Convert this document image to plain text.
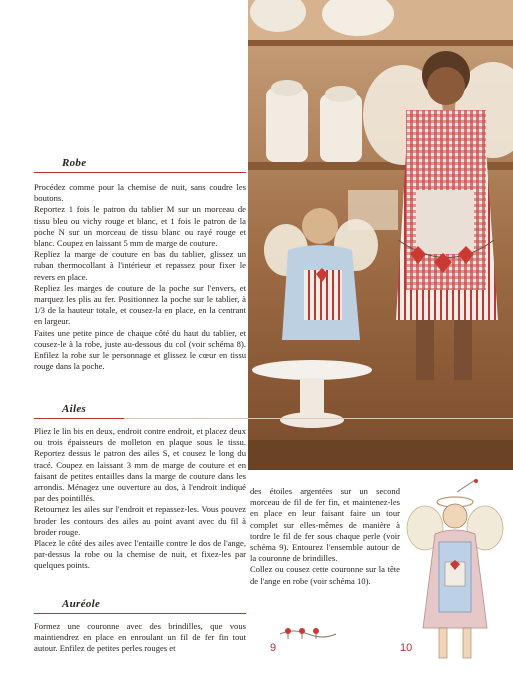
Robe

Procédez comme pour la chemise de nuit, sans coudre les boutons.

Reportez 1 fois le patron du tablier M sur un morceau de tissu bleu ou vichy rouge et blanc, et 1 fois le patron de la poche N sur un morceau de tissu blanc ou rayé rouge et blanc. Coupez en laissant 5 mm de marge de couture.

Repliez la marge de couture en bas du tablier, glissez un ruban thermocollant à l'intérieur et repassez pour fixer le revers en place.

Repliez les marges de couture de la poche sur l'envers, et marquez les plis au fer. Positionnez la poche sur le tablier, à 1/3 de la hauteur totale, et cousez-la en place, en la centrant en largeur.

Faites une petite pince de chaque côté du haut du tablier, et cousez-le à la robe, juste au-dessous du col (voir schéma 8). Enfilez la robe sur le personnage et glissez le cœur en tissu rouge dans la poche.

Ailes

Pliez le lin bis en deux, endroit contre endroit, et placez deux ou trois épaisseurs de molleton en plaque sous le tissu. Reportez dessus le patron des ailes S, et cousez le long du tracé. Coupez en laissant 3 mm de marge de couture et en faisant de petites entailles dans la marge de couture dans les arrondis. Ménagez une ouverture au dos, à l'endroit indiqué par des pointillés.

Retournez les ailes sur l'endroit et repassez-les. Vous pouvez broder les contours des ailes au point avant avec du fil à broder rouge.

Placez le côté des ailes avec l'entaille contre le dos de l'ange, par-dessus la robe ou la chemise de nuit, et fixez-les par quelques points.

Auréole

Formez une couronne avec des brindilles, que vous maintiendrez en place en enroulant un fil de fer fin tout autour. Enfilez de petites perles rouges et

des étoiles argentées sur un second morceau de fil de fer fin, et maintenez-les en place en leur faisant faire un tour complet sur elles-mêmes de manière à tordre le fil de fer sous chaque perle (voir schéma 9). Entourez l'ensemble autour de la couronne de brindilles.

Collez ou cousez cette couronne sur la tête de l'ange en robe (voir schéma 10).

9	10
